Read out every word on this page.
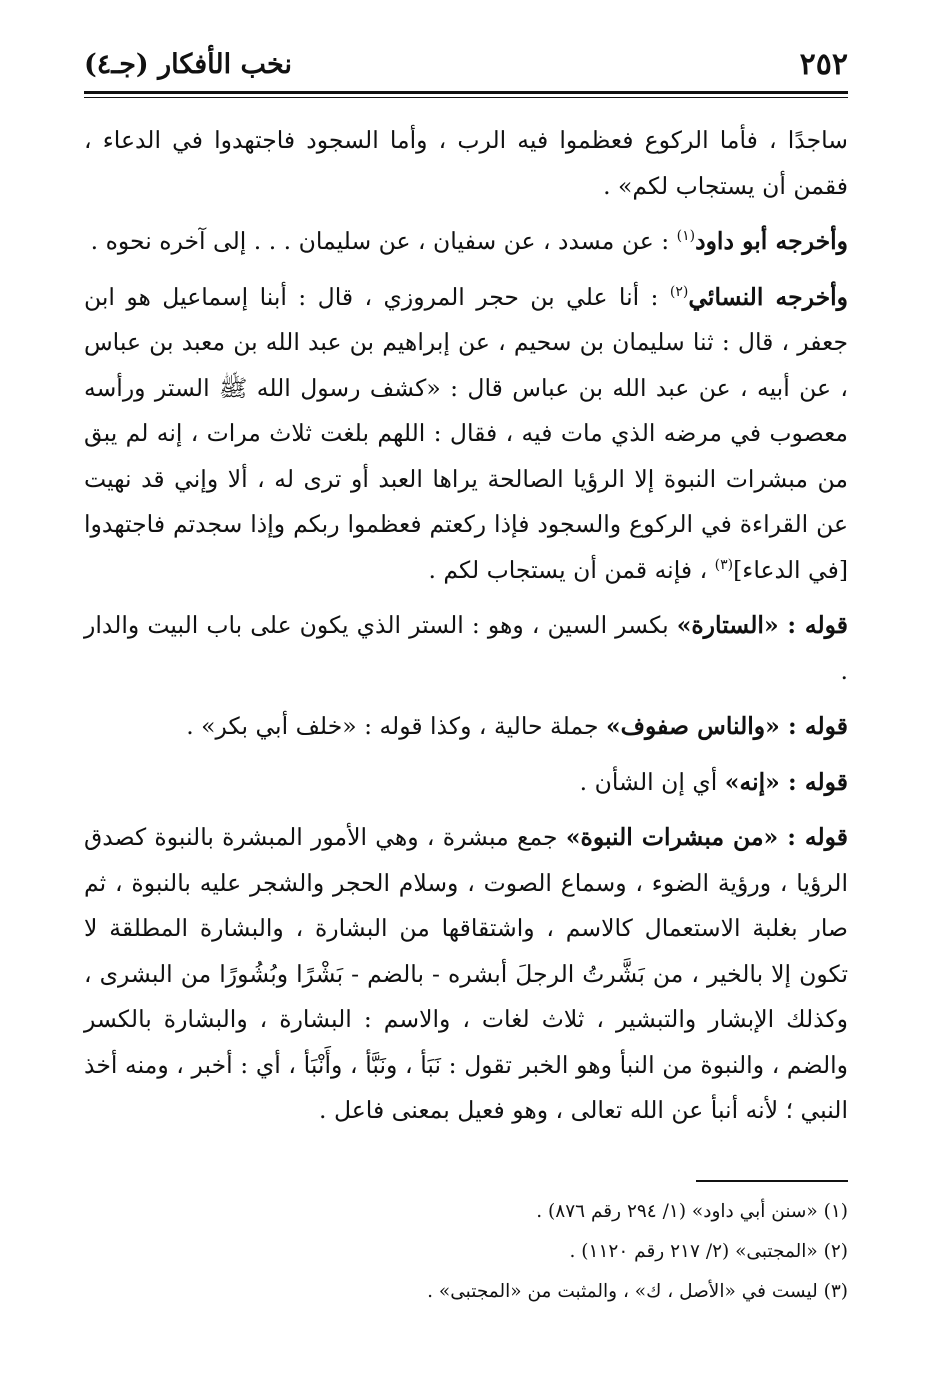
٢٥٢
نخب الأفكار (جـ٤)

ساجدًا ، فأما الركوع فعظموا فيه الرب ، وأما السجود فاجتهدوا في الدعاء ، فقمن أن يستجاب لكم» .

وأخرجه أبو داود$^{(١)}$ : عن مسدد ، عن سفيان ، عن سليمان . . . إلى آخره نحوه .

وأخرجه النسائي$^{(٢)}$ : أنا علي بن حجر المروزي ، قال : أبنا إسماعيل هو ابن جعفر ، قال : ثنا سليمان بن سحيم ، عن إبراهيم بن عبد الله بن معبد بن عباس ، عن أبيه ، عن عبد الله بن عباس قال : «كشف رسول الله ﷺ الستر ورأسه معصوب في مرضه الذي مات فيه ، فقال : اللهم بلغت ثلاث مرات ، إنه لم يبق من مبشرات النبوة إلا الرؤيا الصالحة يراها العبد أو ترى له ، ألا وإني قد نهيت عن القراءة في الركوع والسجود فإذا ركعتم فعظموا ربكم وإذا سجدتم فاجتهدوا [في الدعاء]$^{(٣)}$ ، فإنه قمن أن يستجاب لكم .

قوله : «الستارة» بكسر السين ، وهو : الستر الذي يكون على باب البيت والدار .

قوله : «والناس صفوف» جملة حالية ، وكذا قوله : «خلف أبي بكر» .

قوله : «إنه» أي إن الشأن .

قوله : «من مبشرات النبوة» جمع مبشرة ، وهي الأمور المبشرة بالنبوة كصدق الرؤيا ، ورؤية الضوء ، وسماع الصوت ، وسلام الحجر والشجر عليه بالنبوة ، ثم صار بغلبة الاستعمال كالاسم ، واشتقاقها من البشارة ، والبشارة المطلقة لا تكون إلا بالخير ، من بَشَّرتُ الرجلَ أبشره - بالضم - بَشْرًا وبُشُورًا من البشرى ، وكذلك الإبشار والتبشير ، ثلاث لغات ، والاسم : البشارة ، والبشارة بالكسر والضم ، والنبوة من النبأ وهو الخبر تقول : نَبَأ ، ونَبَّأ ، وأَنْبَأ ، أي : أخبر ، ومنه أخذ النبي ؛ لأنه أنبأ عن الله تعالى ، وهو فعيل بمعنى فاعل .

(١) «سنن أبي داود» (١/ ٢٩٤ رقم ٨٧٦) .
(٢) «المجتبى» (٢/ ٢١٧ رقم ١١٢٠) .
(٣) ليست في «الأصل ، ك» ، والمثبت من «المجتبى» .
